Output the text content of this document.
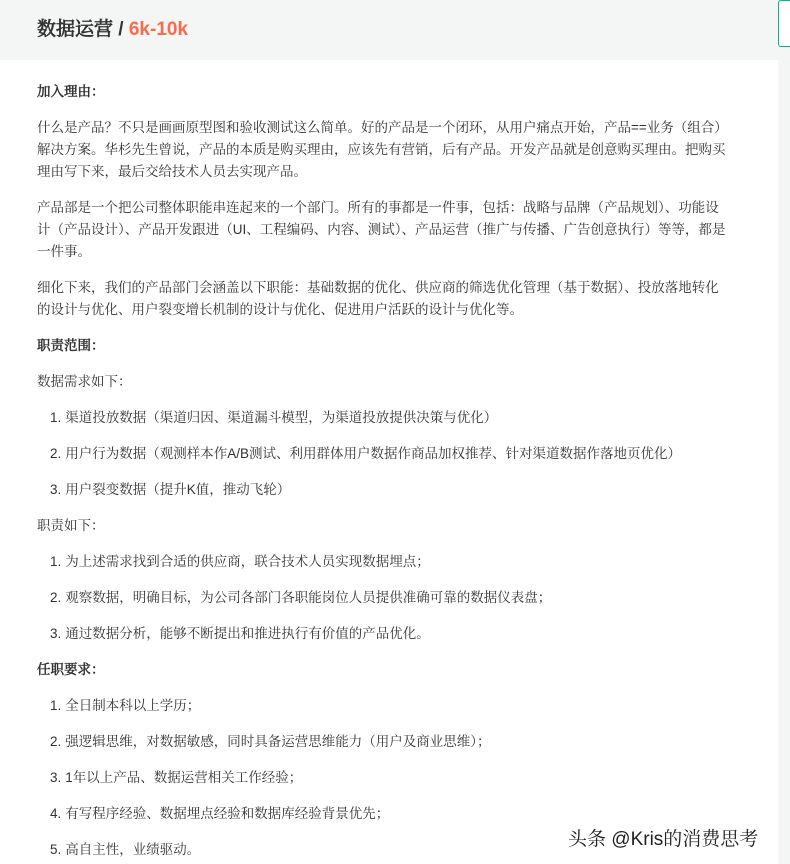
数据运营 / 6k-10k

加入理由：

什么是产品？不只是画画原型图和验收测试这么简单。好的产品是一个闭环，从用户痛点开始，产品==业务（组合）解决方案。华杉先生曾说，产品的本质是购买理由，应该先有营销，后有产品。开发产品就是创意购买理由。把购买理由写下来，最后交给技术人员去实现产品。

产品部是一个把公司整体职能串连起来的一个部门。所有的事都是一件事，包括：战略与品牌（产品规划）、功能设计（产品设计）、产品开发跟进（UI、工程编码、内容、测试）、产品运营（推广与传播、广告创意执行）等等，都是一件事。

细化下来，我们的产品部门会涵盖以下职能：基础数据的优化、供应商的筛选优化管理（基于数据）、投放落地转化的设计与优化、用户裂变增长机制的设计与优化、促进用户活跃的设计与优化等。

职责范围：

数据需求如下：

1. 渠道投放数据（渠道归因、渠道漏斗模型，为渠道投放提供决策与优化）
2. 用户行为数据（观测样本作A/B测试、利用群体用户数据作商品加权推荐、针对渠道数据作落地页优化）
3. 用户裂变数据（提升K值，推动飞轮）

职责如下：

1. 为上述需求找到合适的供应商，联合技术人员实现数据埋点；
2. 观察数据，明确目标，为公司各部门各职能岗位人员提供准确可靠的数据仪表盘；
3. 通过数据分析，能够不断提出和推进执行有价值的产品优化。

任职要求：

1. 全日制本科以上学历；
2. 强逻辑思维，对数据敏感，同时具备运营思维能力（用户及商业思维）；
3. 1年以上产品、数据运营相关工作经验；
4. 有写程序经验、数据埋点经验和数据库经验背景优先；
5. 高自主性，业绩驱动。	头条 @Kris的消费思考
